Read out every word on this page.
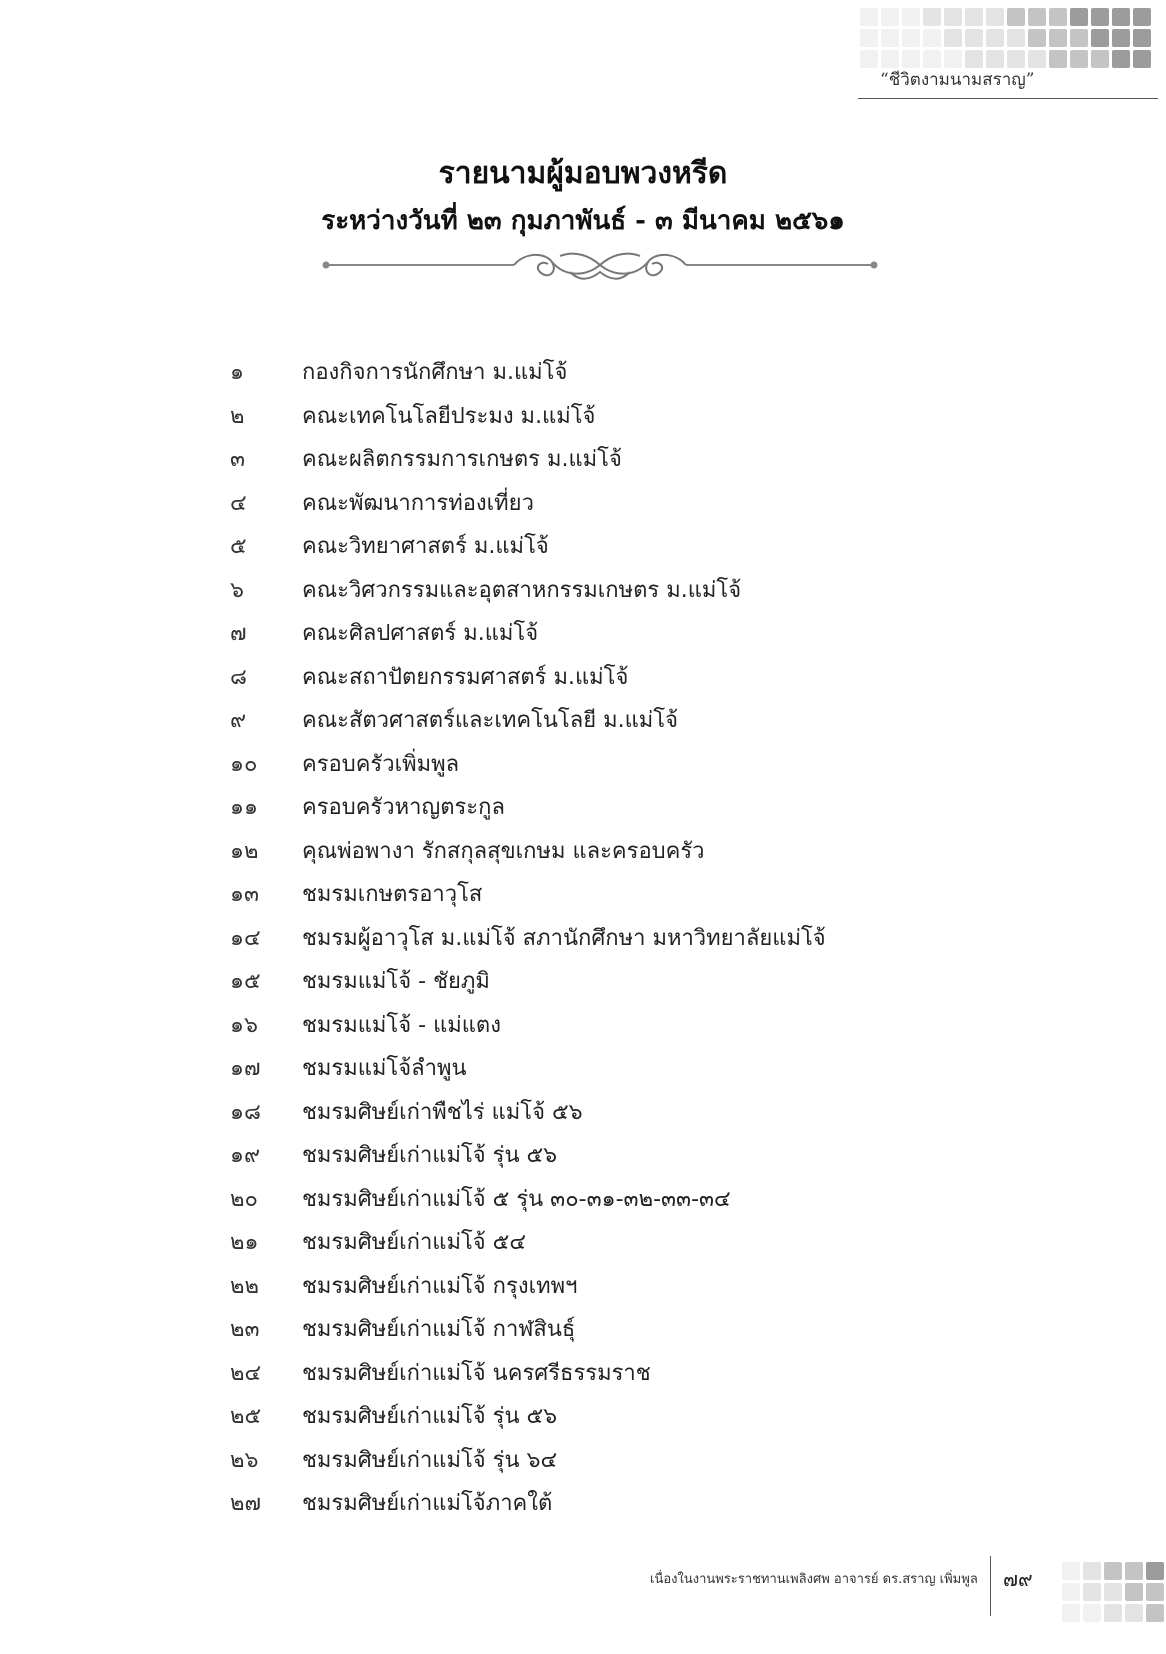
“ชีวิตงามนามสราญ”
รายนามผู้มอบพวงหรีด
ระหว่างวันที่ ๒๓ กุมภาพันธ์ - ๓ มีนาคม ๒๕๖๑
๑	กองกิจการนักศึกษา ม.แม่โจ้
๒	คณะเทคโนโลยีประมง ม.แม่โจ้
๓	คณะผลิตกรรมการเกษตร ม.แม่โจ้
๔	คณะพัฒนาการท่องเที่ยว
๕	คณะวิทยาศาสตร์ ม.แม่โจ้
๖	คณะวิศวกรรมและอุตสาหกรรมเกษตร ม.แม่โจ้
๗	คณะศิลปศาสตร์ ม.แม่โจ้
๘	คณะสถาปัตยกรรมศาสตร์ ม.แม่โจ้
๙	คณะสัตวศาสตร์และเทคโนโลยี ม.แม่โจ้
๑๐	ครอบครัวเพิ่มพูล
๑๑	ครอบครัวหาญตระกูล
๑๒	คุณพ่อพางา รักสกุลสุขเกษม และครอบครัว
๑๓	ชมรมเกษตรอาวุโส
๑๔	ชมรมผู้อาวุโส ม.แม่โจ้ สภานักศึกษา มหาวิทยาลัยแม่โจ้
๑๕	ชมรมแม่โจ้ - ชัยภูมิ
๑๖	ชมรมแม่โจ้ - แม่แตง
๑๗	ชมรมแม่โจ้ลำพูน
๑๘	ชมรมศิษย์เก่าพืชไร่ แม่โจ้ ๕๖
๑๙	ชมรมศิษย์เก่าแม่โจ้ รุ่น ๕๖
๒๐	ชมรมศิษย์เก่าแม่โจ้ ๕ รุ่น ๓๐-๓๑-๓๒-๓๓-๓๔
๒๑	ชมรมศิษย์เก่าแม่โจ้ ๕๔
๒๒	ชมรมศิษย์เก่าแม่โจ้ กรุงเทพฯ
๒๓	ชมรมศิษย์เก่าแม่โจ้ กาฬสินธุ์
๒๔	ชมรมศิษย์เก่าแม่โจ้ นครศรีธรรมราช
๒๕	ชมรมศิษย์เก่าแม่โจ้ รุ่น ๕๖
๒๖	ชมรมศิษย์เก่าแม่โจ้ รุ่น ๖๔
๒๗	ชมรมศิษย์เก่าแม่โจ้ภาคใต้
เนื่องในงานพระราชทานเพลิงศพ อาจารย์ ดร.สราญ เพิ่มพูล ๗๙
